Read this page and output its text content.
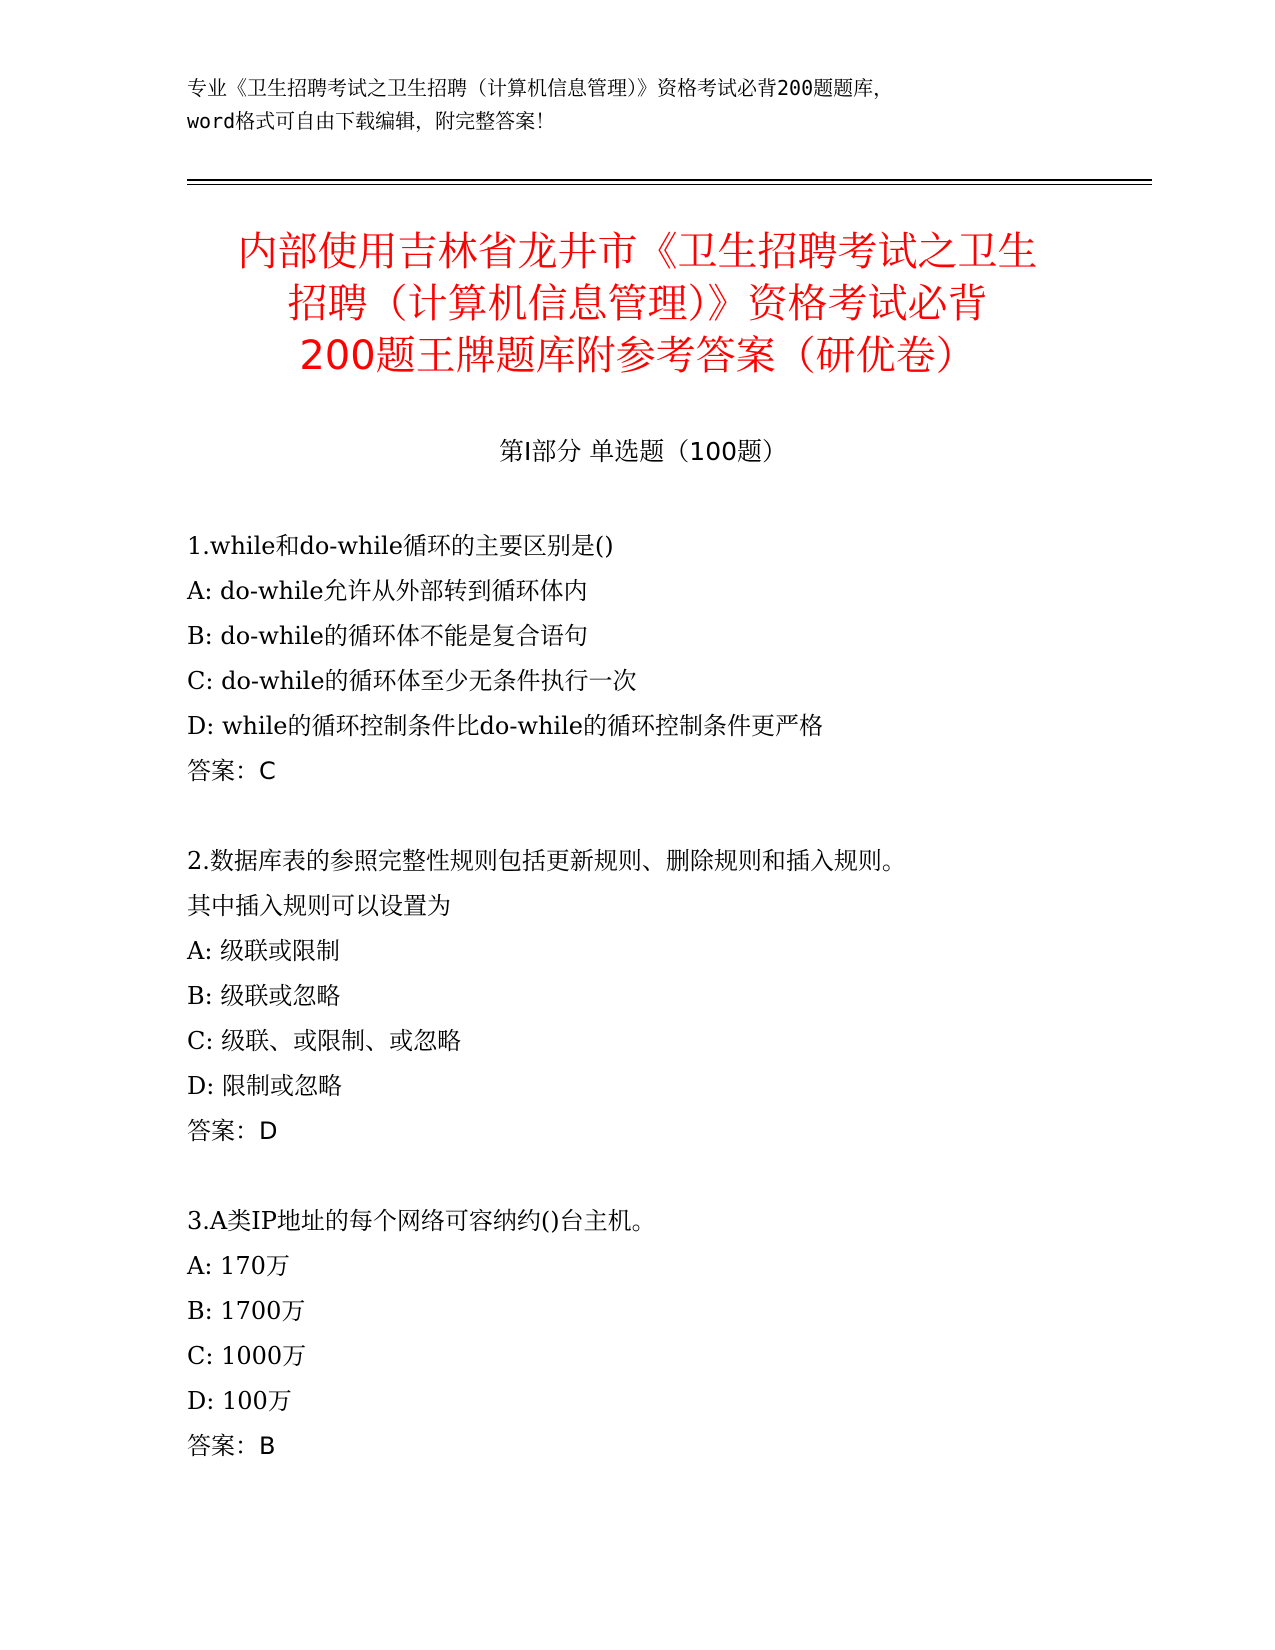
专业《卫生招聘考试之卫生招聘（计算机信息管理）》资格考试必背200题题库，
word格式可自由下载编辑，附完整答案！
内部使用吉林省龙井市《卫生招聘考试之卫生
招聘（计算机信息管理）》资格考试必背
200题王牌题库附参考答案（研优卷）
第Ⅰ部分 单选题（100题）
1.while和do-while循环的主要区别是()
A: do-while允许从外部转到循环体内
B: do-while的循环体不能是复合语句
C: do-while的循环体至少无条件执行一次
D: while的循环控制条件比do-while的循环控制条件更严格
答案：C
2.数据库表的参照完整性规则包括更新规则、删除规则和插入规则。
其中插入规则可以设置为
A: 级联或限制
B: 级联或忽略
C: 级联、或限制、或忽略
D: 限制或忽略
答案：D
3.A类IP地址的每个网络可容纳约()台主机。
A: 170万
B: 1700万
C: 1000万
D: 100万
答案：B
